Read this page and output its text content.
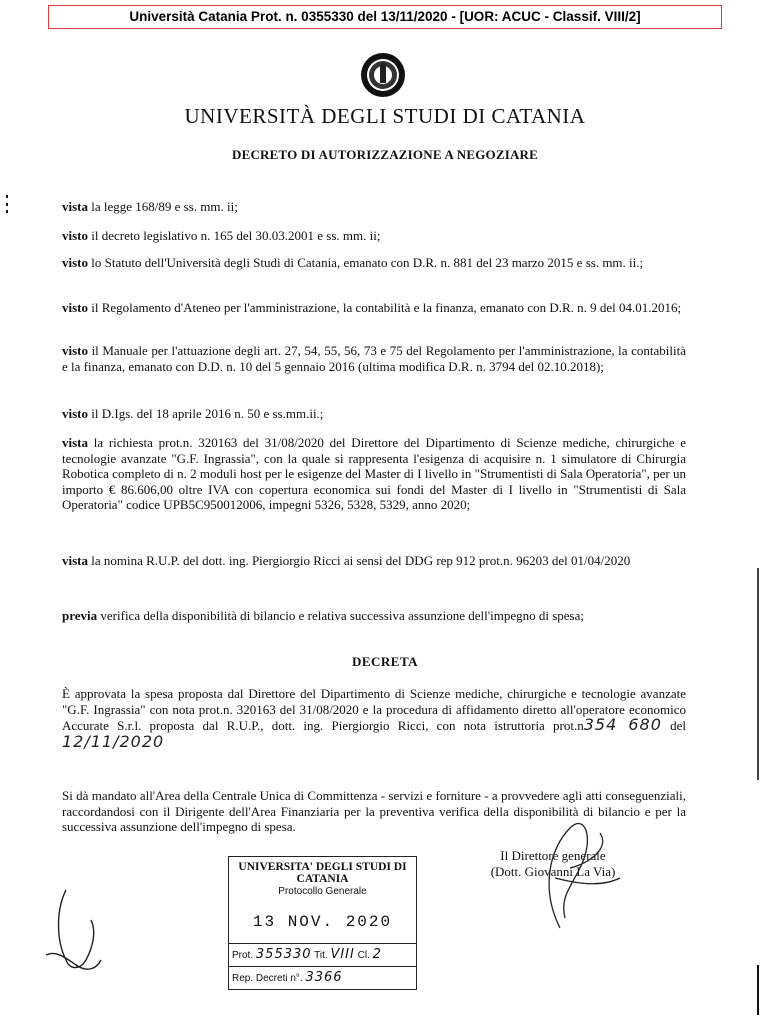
Università Catania Prot. n. 0355330 del 13/11/2020 - [UOR: ACUC - Classif. VIII/2]
UNIVERSITÀ DEGLI STUDI DI CATANIA
DECRETO DI AUTORIZZAZIONE A NEGOZIARE
vista la legge 168/89 e ss. mm. ii;
visto il decreto legislativo n. 165 del 30.03.2001 e ss. mm. ii;
visto lo Statuto dell'Università degli Studi di Catania, emanato con D.R. n. 881 del 23 marzo 2015 e ss. mm. ii.;
visto il Regolamento d'Ateneo per l'amministrazione, la contabilità e la finanza, emanato con D.R. n. 9 del 04.01.2016;
visto il Manuale per l'attuazione degli art. 27, 54, 55, 56, 73 e 75 del Regolamento per l'amministrazione, la contabilità e la finanza, emanato con D.D. n. 10 del 5 gennaio 2016 (ultima modifica D.R. n. 3794 del 02.10.2018);
visto il D.Igs. del 18 aprile 2016 n. 50 e ss.mm.ii.;
vista la richiesta prot.n. 320163 del 31/08/2020 del Direttore del Dipartimento di Scienze mediche, chirurgiche e tecnologie avanzate "G.F. Ingrassia", con la quale si rappresenta l'esigenza di acquisire n. 1 simulatore di Chirurgia Robotica completo di n. 2 moduli host per le esigenze del Master di I livello in "Strumentisti di Sala Operatoria", per un importo € 86.606,00 oltre IVA con copertura economica sui fondi del Master di I livello in "Strumentisti di Sala Operatoria" codice UPB5C950012006, impegni 5326, 5328, 5329, anno 2020;
vista la nomina R.U.P. del dott. ing. Piergiorgio Ricci ai sensi del DDG rep 912 prot.n. 96203 del 01/04/2020
previa verifica della disponibilità di bilancio e relativa successiva assunzione dell'impegno di spesa;
DECRETA
È approvata la spesa proposta dal Direttore del Dipartimento di Scienze mediche, chirurgiche e tecnologie avanzate "G.F. Ingrassia" con nota prot.n. 320163 del 31/08/2020 e la procedura di affidamento diretto all'operatore economico Accurate S.r.l. proposta dal R.U.P., dott. ing. Piergiorgio Ricci, con nota istruttoria prot.n354 680 del 12/11/2020
Si dà mandato all'Area della Centrale Unica di Committenza - servizi e forniture - a provvedere agli atti conseguenziali, raccordandosi con il Dirigente dell'Area Finanziaria per la preventiva verifica della disponibilità di bilancio e per la successiva assunzione dell'impegno di spesa.
UNIVERSITA' DEGLI STUDI DI
CATANIA
Protocollo Generale
13 NOV. 2020
Prot. 355330 Tit. VIII Cl. 2
Rep. Decreti n°. 3366
Il Direttore generale
(Dott. Giovanni La Via)
